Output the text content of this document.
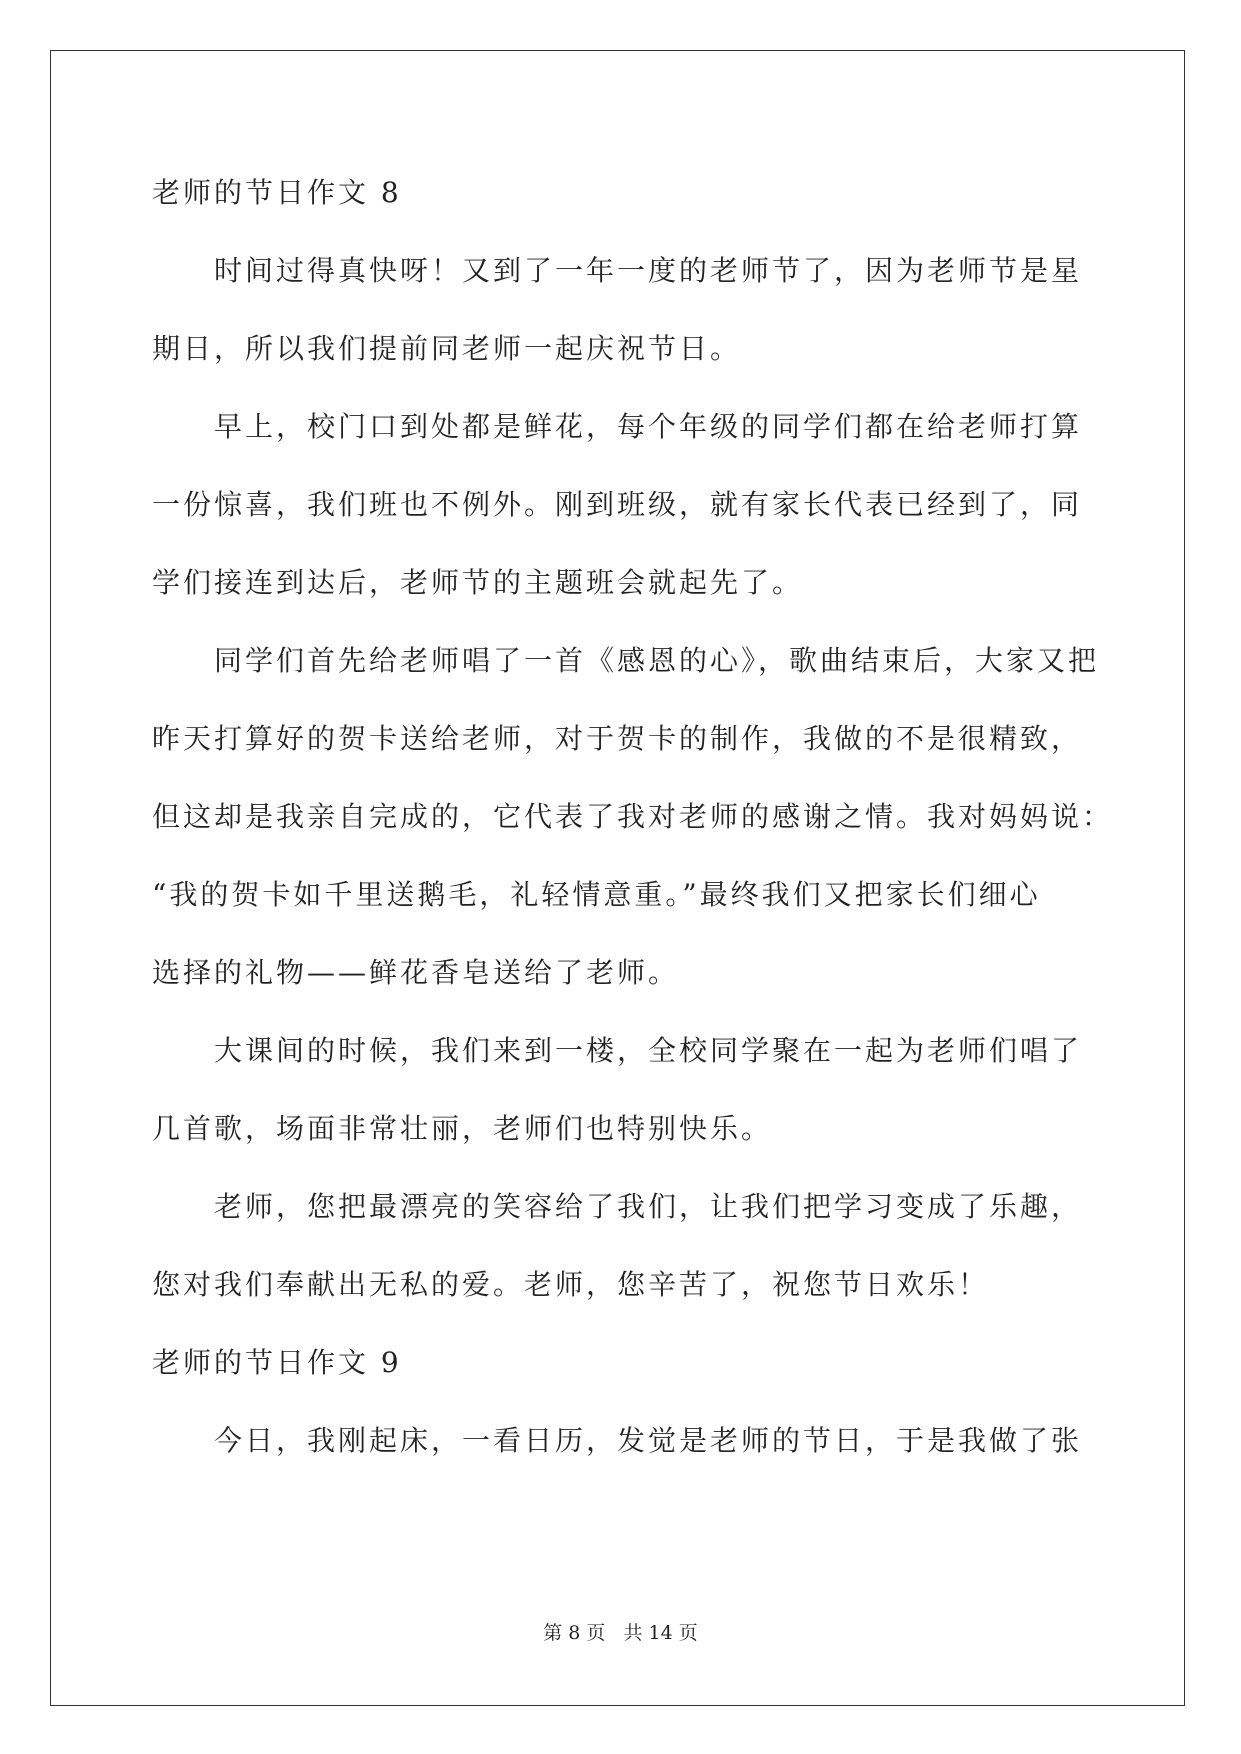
老师的节日作文 8

时间过得真快呀！又到了一年一度的老师节了，因为老师节是星

期日，所以我们提前同老师一起庆祝节日。

早上，校门口到处都是鲜花，每个年级的同学们都在给老师打算

一份惊喜，我们班也不例外。刚到班级，就有家长代表已经到了，同

学们接连到达后，老师节的主题班会就起先了。

同学们首先给老师唱了一首《感恩的心》，歌曲结束后，大家又把

昨天打算好的贺卡送给老师，对于贺卡的制作，我做的不是很精致，

但这却是我亲自完成的，它代表了我对老师的感谢之情。我对妈妈说：

“我的贺卡如千里送鹅毛，礼轻情意重。”最终我们又把家长们细心

选择的礼物——鲜花香皂送给了老师。

大课间的时候，我们来到一楼，全校同学聚在一起为老师们唱了

几首歌，场面非常壮丽，老师们也特别快乐。

老师，您把最漂亮的笑容给了我们，让我们把学习变成了乐趣，

您对我们奉献出无私的爱。老师，您辛苦了，祝您节日欢乐！

老师的节日作文 9

今日，我刚起床，一看日历，发觉是老师的节日，于是我做了张

第 8 页 共 14 页
